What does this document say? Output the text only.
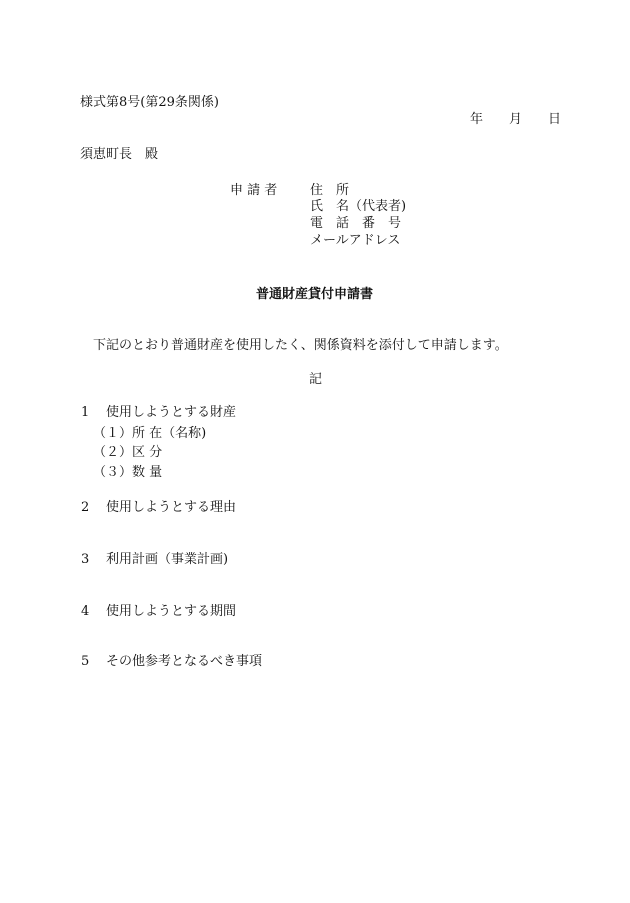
様式第8号(第29条関係)
年　　月　　日
須恵町長　殿
申 請 者	住　所
氏　名（代表者)
電　話　番　号
メールアドレス
普通財産貸付申請書
下記のとおり普通財産を使用したく、関係資料を添付して申請します。
記
1 使用しようとする財産
（１）所 在（名称)
（２）区 分
（３）数 量
2 使用しようとする理由
3 利用計画（事業計画)
4 使用しようとする期間
5 その他参考となるべき事項
